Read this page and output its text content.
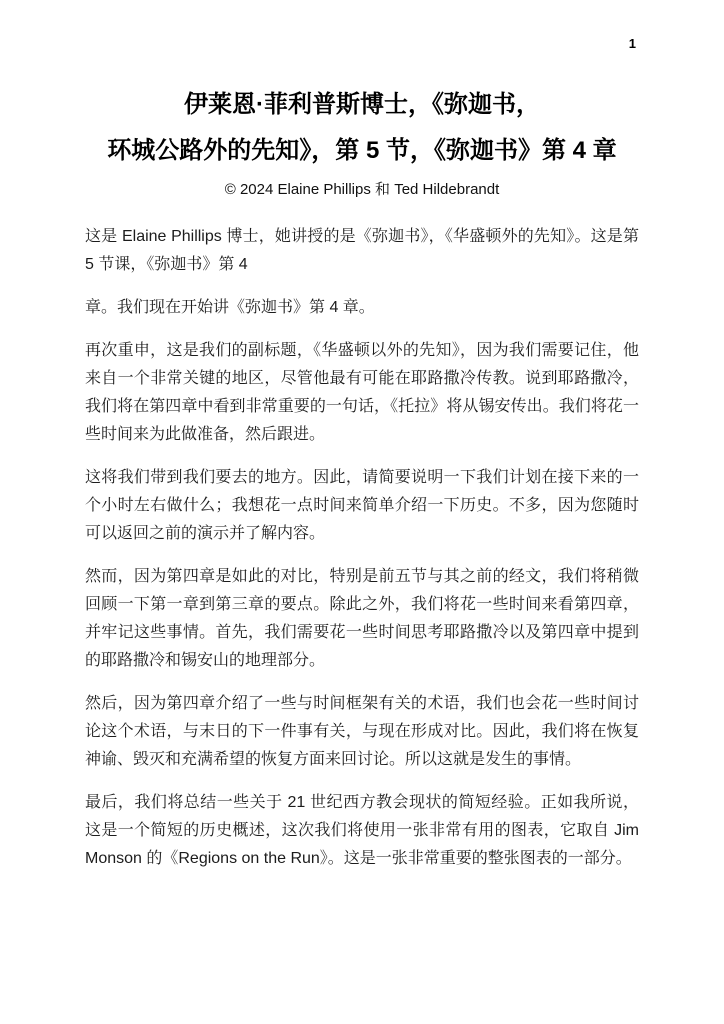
1
伊莱恩·菲利普斯博士，《弥迦书，
环城公路外的先知》，第 5 节，《弥迦书》第 4 章
© 2024 Elaine Phillips 和 Ted Hildebrandt

这是 Elaine Phillips 博士，她讲授的是《弥迦书》，《华盛顿外的先知》。这是第 5 节课，《弥迦书》第 4

章。我们现在开始讲《弥迦书》第 4 章。

再次重申，这是我们的副标题，《华盛顿以外的先知》，因为我们需要记住，他来自一个非常关键的地区，尽管他最有可能在耶路撒冷传教。说到耶路撒冷，我们将在第四章中看到非常重要的一句话，《托拉》将从锡安传出。我们将花一些时间来为此做准备，然后跟进。

这将我们带到我们要去的地方。因此，请简要说明一下我们计划在接下来的一个小时左右做什么；我想花一点时间来简单介绍一下历史。不多，因为您随时可以返回之前的演示并了解内容。

然而，因为第四章是如此的对比，特别是前五节与其之前的经文，我们将稍微回顾一下第一章到第三章的要点。除此之外，我们将花一些时间来看第四章，并牢记这些事情。首先，我们需要花一些时间思考耶路撒冷以及第四章中提到的耶路撒冷和锡安山的地理部分。

然后，因为第四章介绍了一些与时间框架有关的术语，我们也会花一些时间讨论这个术语，与末日的下一件事有关，与现在形成对比。因此，我们将在恢复神谕、毁灭和充满希望的恢复方面来回讨论。所以这就是发生的事情。

最后，我们将总结一些关于 21 世纪西方教会现状的简短经验。正如我所说，这是一个简短的历史概述，这次我们将使用一张非常有用的图表，它取自 Jim Monson 的《Regions on the Run》。这是一张非常重要的整张图表的一部分。
